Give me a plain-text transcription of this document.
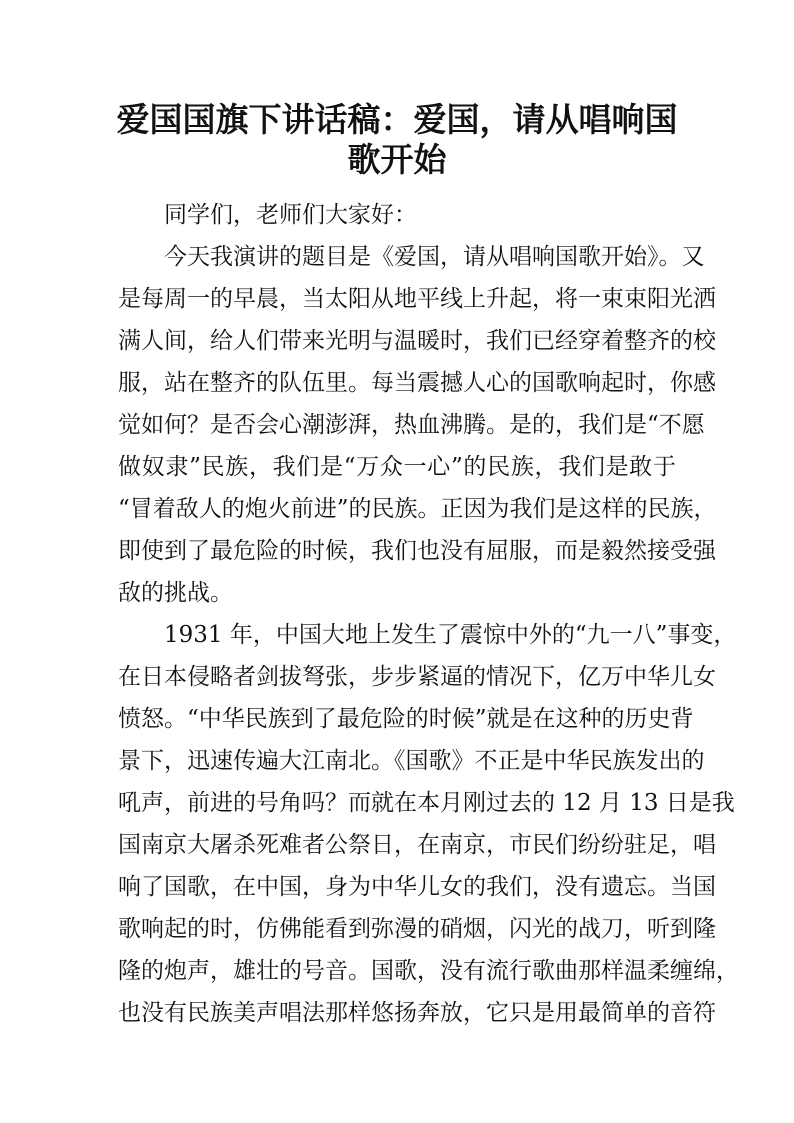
爱国国旗下讲话稿：爱国，请从唱响国
歌开始
同学们，老师们大家好：
今天我演讲的题目是《爱国，请从唱响国歌开始》。又
是每周一的早晨，当太阳从地平线上升起，将一束束阳光洒
满人间，给人们带来光明与温暖时，我们已经穿着整齐的校
服，站在整齐的队伍里。每当震撼人心的国歌响起时，你感
觉如何？是否会心潮澎湃，热血沸腾。是的，我们是“不愿
做奴隶”民族，我们是“万众一心”的民族，我们是敢于
“冒着敌人的炮火前进”的民族。正因为我们是这样的民族，
即使到了最危险的时候，我们也没有屈服，而是毅然接受强
敌的挑战。
1931 年，中国大地上发生了震惊中外的“九一八”事变，
在日本侵略者剑拔弩张，步步紧逼的情况下，亿万中华儿女
愤怒。“中华民族到了最危险的时候”就是在这种的历史背
景下，迅速传遍大江南北。《国歌》不正是中华民族发出的
吼声，前进的号角吗？而就在本月刚过去的 12 月 13 日是我
国南京大屠杀死难者公祭日，在南京，市民们纷纷驻足，唱
响了国歌，在中国，身为中华儿女的我们，没有遗忘。当国
歌响起的时，仿佛能看到弥漫的硝烟，闪光的战刀，听到隆
隆的炮声，雄壮的号音。国歌，没有流行歌曲那样温柔缠绵，
也没有民族美声唱法那样悠扬奔放，它只是用最简单的音符
